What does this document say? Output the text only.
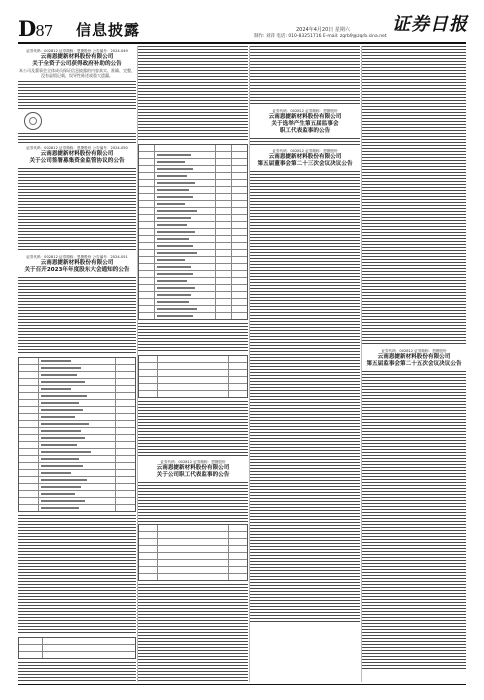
D87 信息披露	2024年4月20日 星期六
制作: 刘萍 电话: 010-83251716 E-mail: zqrb9@zqrb.sina.net
证券日报
证券代码：002812 证券简称：恩捷股份 公告编号：2024-049
云南恩捷新材料股份有限公司
关于全资子公司获得政府补助的公告
本公司及董事会全体成员保证信息披露的内容真实、准确、完整，没有虚假记载、误导性陈述或重大遗漏。
证券代码：002812 证券简称：恩捷股份 公告编号：2024-050
云南恩捷新材料股份有限公司
关于公司签署募集资金监管协议的公告
证券代码：002812 证券简称：恩捷股份 公告编号：2024-051
云南恩捷新材料股份有限公司
关于召开2023年年度股东大会通知的公告
证券代码：002812 证券简称：恩捷股份
云南恩捷新材料股份有限公司
关于公司职工代表监事的公告
证券代码：002812 证券简称：恩捷股份
云南恩捷新材料股份有限公司
关于选举产生第五届监事会
职工代表监事的公告
证券代码：002812 证券简称：恩捷股份
云南恩捷新材料股份有限公司
第五届董事会第二十三次会议决议公告
证券代码：002812 证券简称：恩捷股份
云南恩捷新材料股份有限公司
第五届监事会第二十五次会议决议公告
